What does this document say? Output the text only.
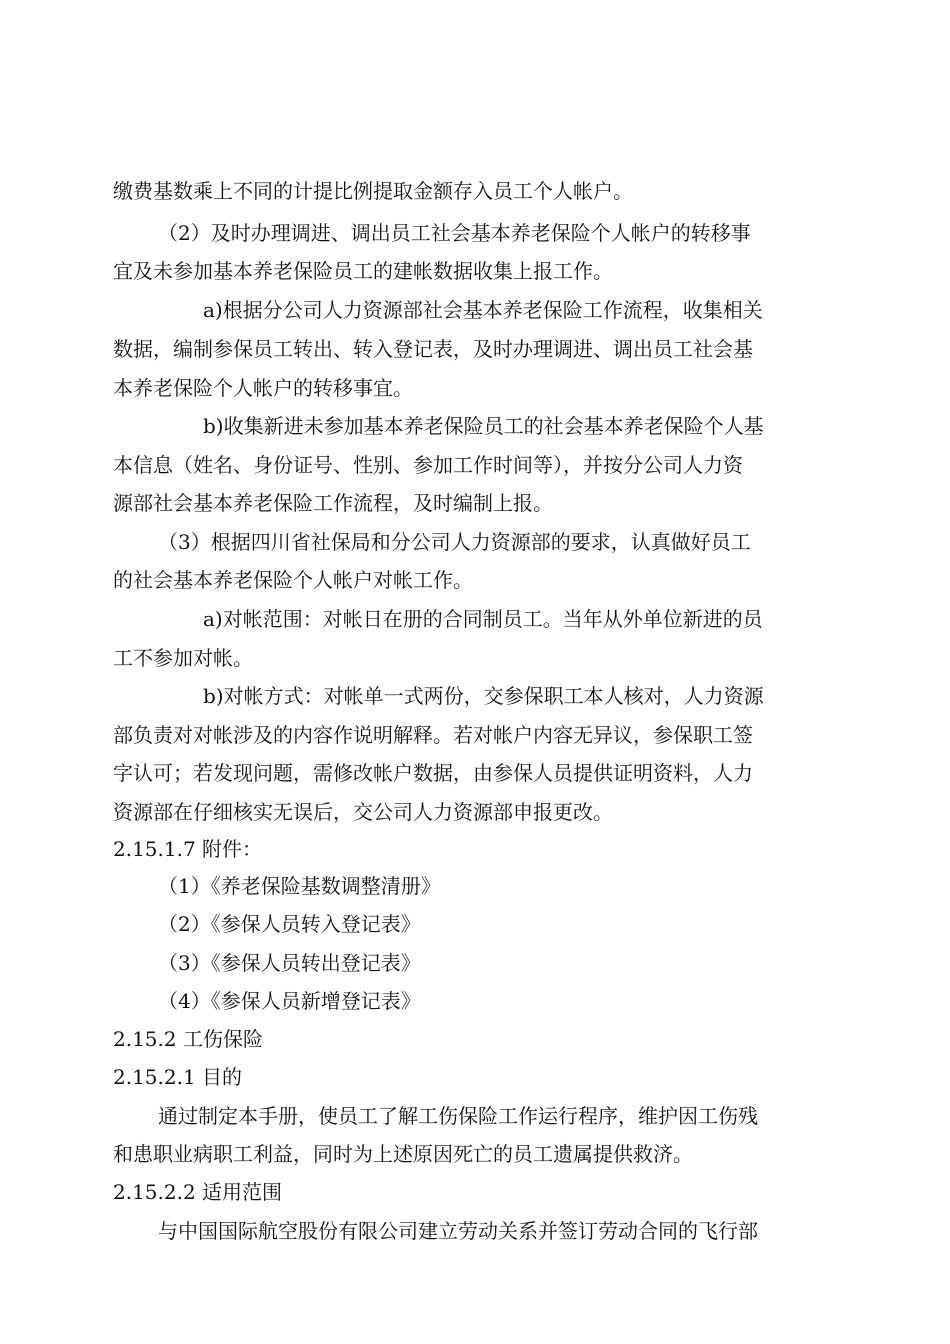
缴费基数乘上不同的计提比例提取金额存入员工个人帐户。
（2）及时办理调进、调出员工社会基本养老保险个人帐户的转移事
宜及未参加基本养老保险员工的建帐数据收集上报工作。
a)根据分公司人力资源部社会基本养老保险工作流程，收集相关
数据，编制参保员工转出、转入登记表，及时办理调进、调出员工社会基
本养老保险个人帐户的转移事宜。
b)收集新进未参加基本养老保险员工的社会基本养老保险个人基
本信息（姓名、身份证号、性别、参加工作时间等），并按分公司人力资
源部社会基本养老保险工作流程，及时编制上报。
（3）根据四川省社保局和分公司人力资源部的要求，认真做好员工
的社会基本养老保险个人帐户对帐工作。
a)对帐范围：对帐日在册的合同制员工。当年从外单位新进的员
工不参加对帐。
b)对帐方式：对帐单一式两份，交参保职工本人核对，人力资源
部负责对对帐涉及的内容作说明解释。若对帐户内容无异议，参保职工签
字认可；若发现问题，需修改帐户数据，由参保人员提供证明资料，人力
资源部在仔细核实无误后，交公司人力资源部申报更改。
2.15.1.7 附件：
（1）《养老保险基数调整清册》
（2）《参保人员转入登记表》
（3）《参保人员转出登记表》
（4）《参保人员新增登记表》
2.15.2 工伤保险
2.15.2.1 目的
通过制定本手册，使员工了解工伤保险工作运行程序，维护因工伤残
和患职业病职工利益，同时为上述原因死亡的员工遗属提供救济。
2.15.2.2 适用范围
与中国国际航空股份有限公司建立劳动关系并签订劳动合同的飞行部
